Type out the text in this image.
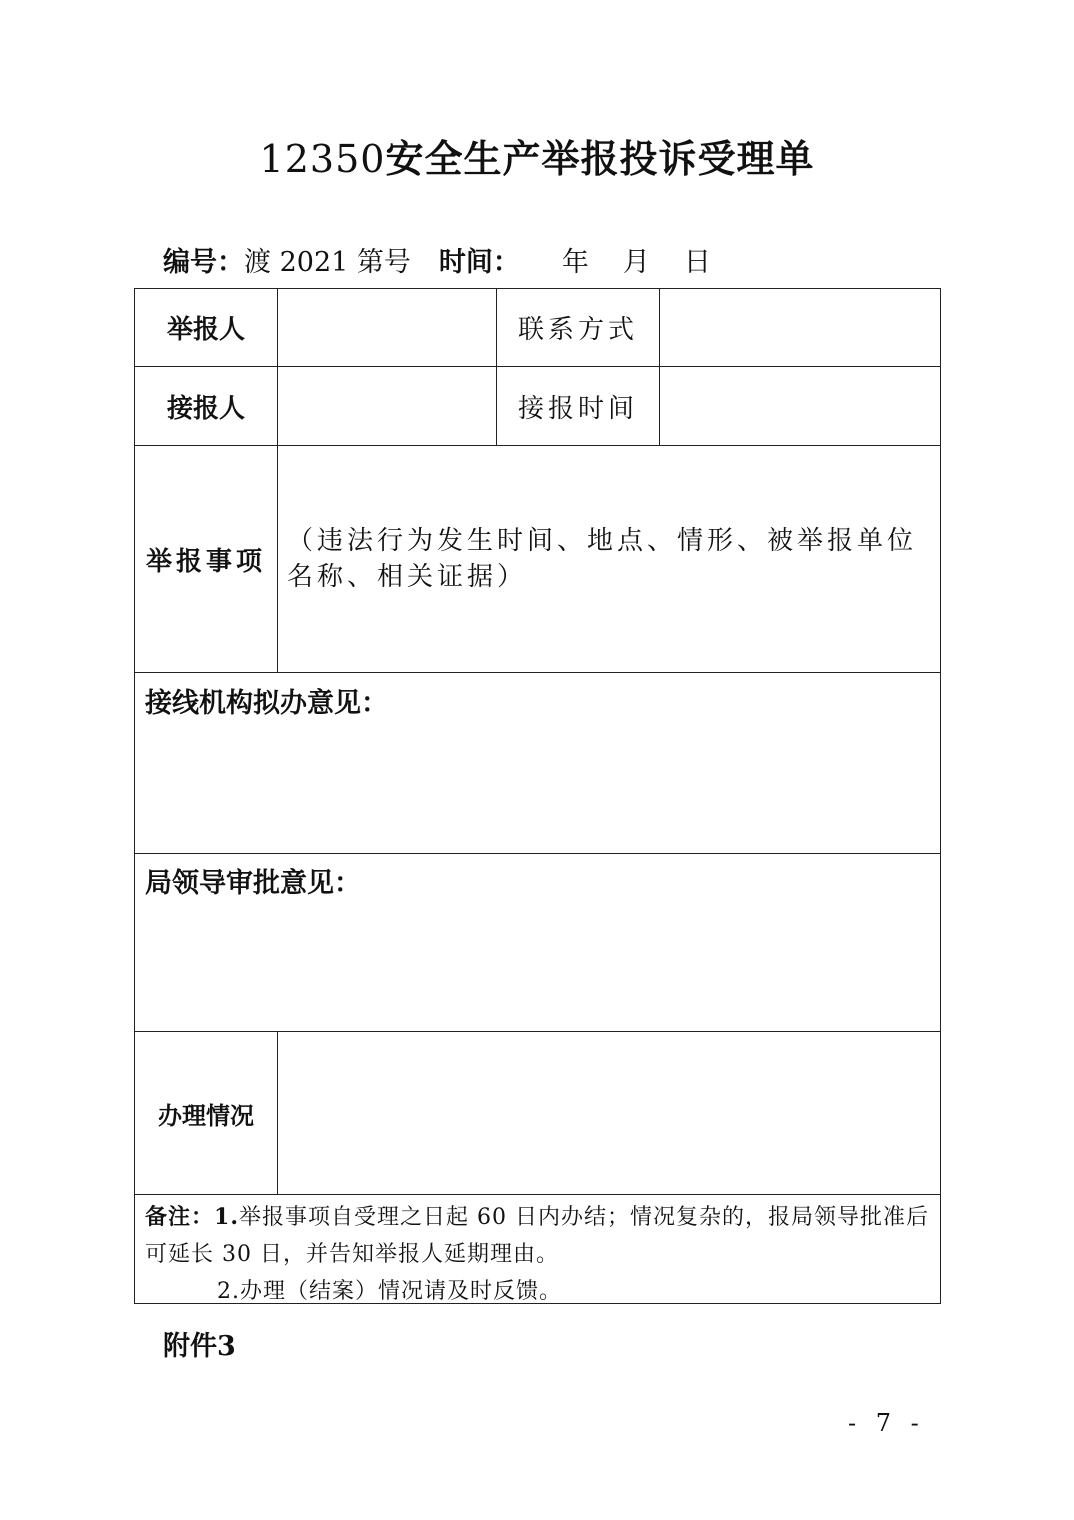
12350安全生产举报投诉受理单
编号：渡 2021 第号 时间： 年 月 日
举报人	联系方式
接报人	接报时间
举报事项
（违法行为发生时间、地点、情形、被举报单位名称、相关证据）
接线机构拟办意见：
局领导审批意见：
办理情况
备注：1.举报事项自受理之日起 60 日内办结；情况复杂的，报局领导批准后可延长 30 日，并告知举报人延期理由。
2.办理（结案）情况请及时反馈。
附件3
- 7 -
